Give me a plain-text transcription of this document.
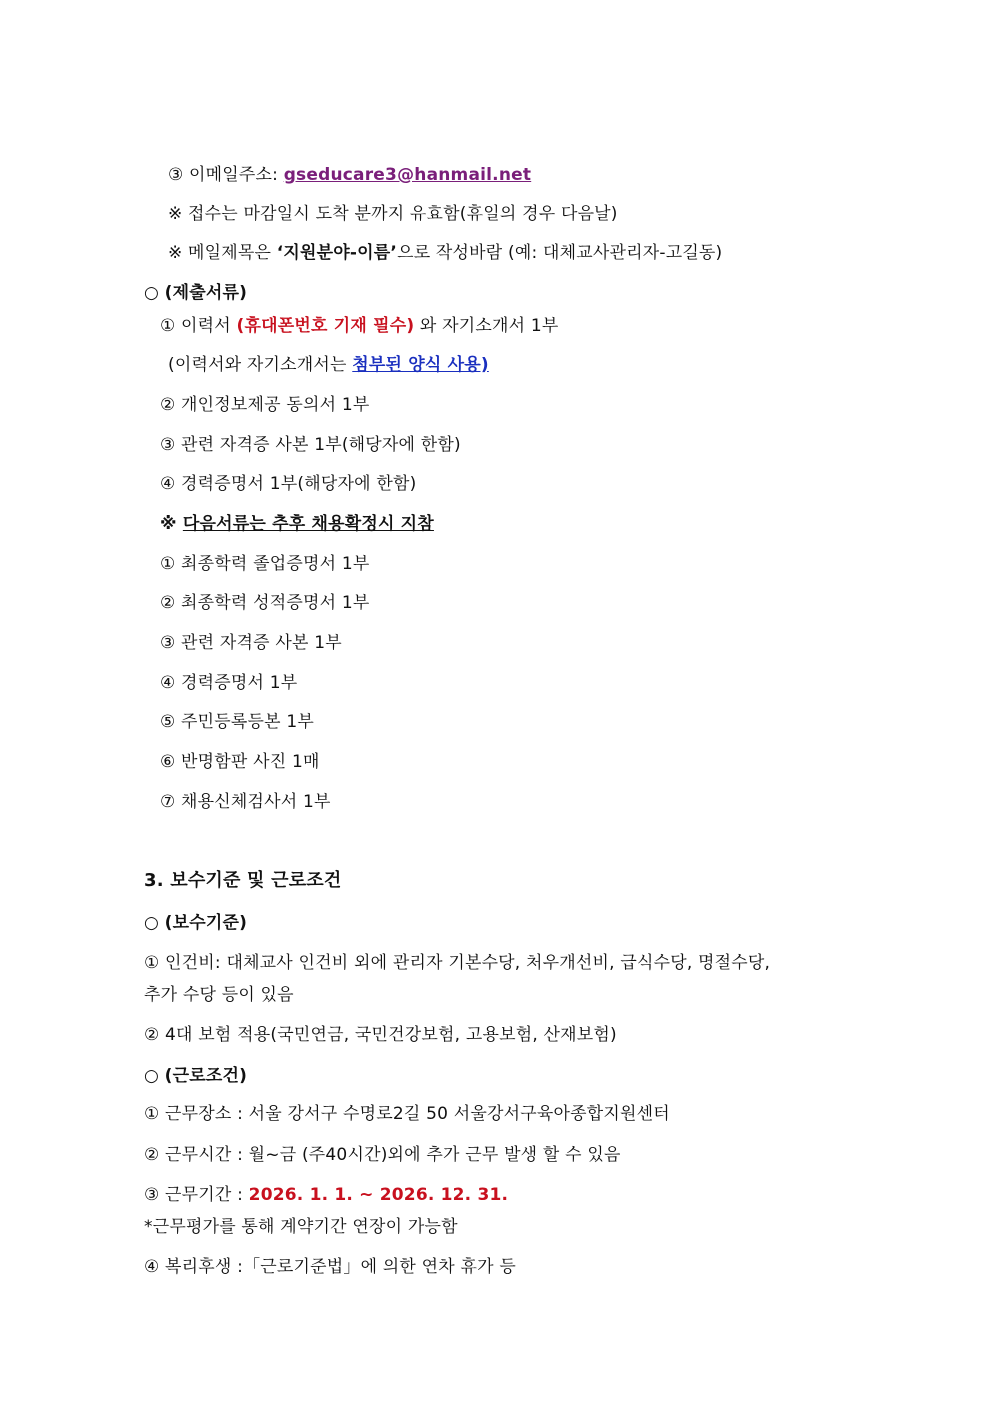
③ 이메일주소: gseducare3@hanmail.net
※ 접수는 마감일시 도착 분까지 유효함(휴일의 경우 다음날)
※ 메일제목은 ‘지원분야-이름’으로 작성바람 (예: 대체교사관리자-고길동)
○ (제출서류)
① 이력서 (휴대폰번호 기재 필수) 와 자기소개서 1부
(이력서와 자기소개서는 첨부된 양식 사용)
② 개인정보제공 동의서 1부
③ 관련 자격증 사본 1부(해당자에 한함)
④ 경력증명서 1부(해당자에 한함)
※ 다음서류는 추후 채용확정시 지참
① 최종학력 졸업증명서 1부
② 최종학력 성적증명서 1부
③ 관련 자격증 사본 1부
④ 경력증명서 1부
⑤ 주민등록등본 1부
⑥ 반명함판 사진 1매
⑦ 채용신체검사서 1부
3. 보수기준 및 근로조건
○ (보수기준)
① 인건비: 대체교사 인건비 외에 관리자 기본수당, 처우개선비, 급식수당, 명절수당,
추가 수당 등이 있음
② 4대 보험 적용(국민연금, 국민건강보험, 고용보험, 산재보험)
○ (근로조건)
① 근무장소 : 서울 강서구 수명로2길 50 서울강서구육아종합지원센터
② 근무시간 : 월~금 (주40시간)외에 추가 근무 발생 할 수 있음
③ 근무기간 : 2026. 1. 1. ~ 2026. 12. 31.
*근무평가를 통해 계약기간 연장이 가능함
④ 복리후생 :「근로기준법」에 의한 연차 휴가 등
